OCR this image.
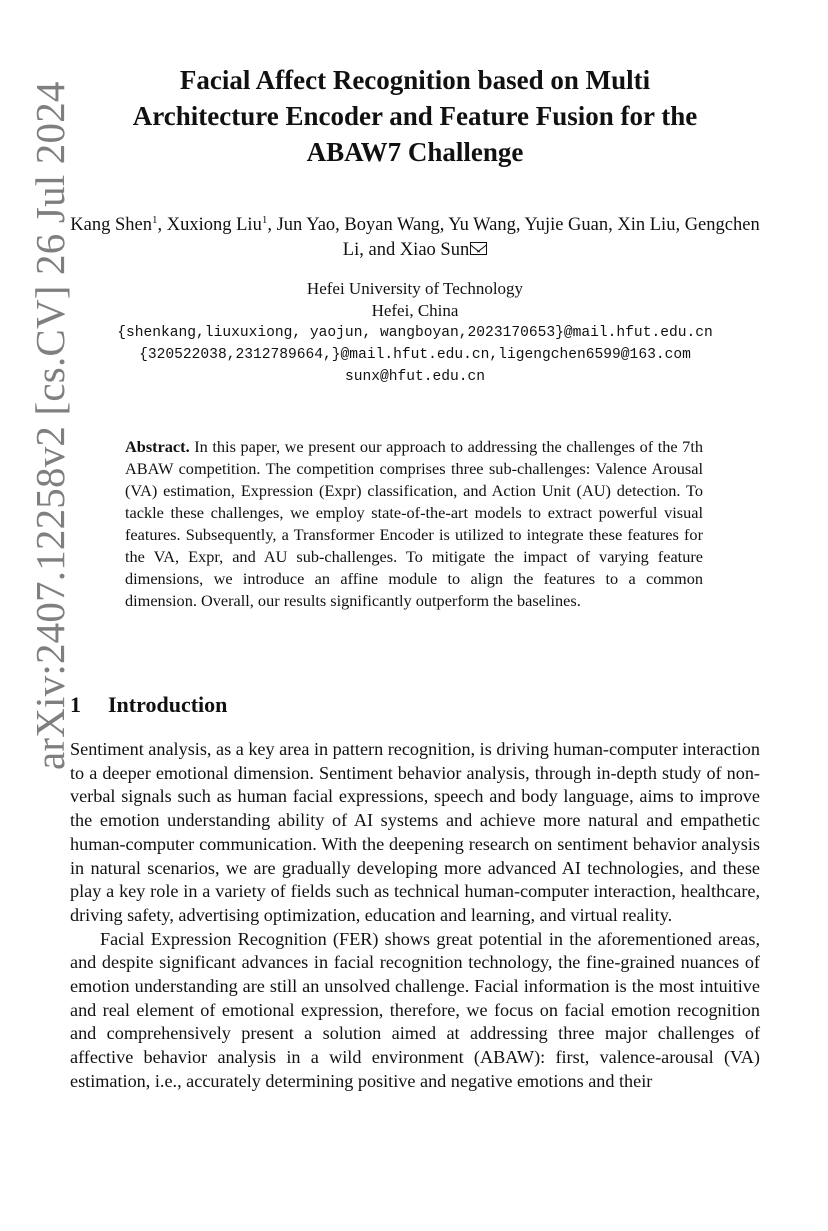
arXiv:2407.12258v2 [cs.CV] 26 Jul 2024
Facial Affect Recognition based on Multi
Architecture Encoder and Feature Fusion for the
ABAW7 Challenge
Kang Shen$^1$, Xuxiong Liu$^1$, Jun Yao, Boyan Wang, Yu Wang, Yujie Guan, Xin Liu, Gengchen Li, and Xiao Sun
Hefei University of Technology
Hefei, China
{shenkang,liuxuxiong, yaojun, wangboyan,2023170653}@mail.hfut.edu.cn
{320522038,2312789664,}@mail.hfut.edu.cn,ligengchen6599@163.com
sunx@hfut.edu.cn
Abstract. In this paper, we present our approach to addressing the challenges of the 7th ABAW competition. The competition comprises three sub-challenges: Valence Arousal (VA) estimation, Expression (Expr) classification, and Action Unit (AU) detection. To tackle these challenges, we employ state-of-the-art models to extract powerful visual features. Subsequently, a Transformer Encoder is utilized to integrate these features for the VA, Expr, and AU sub-challenges. To mitigate the impact of varying feature dimensions, we introduce an affine module to align the features to a common dimension. Overall, our results significantly outperform the baselines.
1 Introduction

Sentiment analysis, as a key area in pattern recognition, is driving human-computer interaction to a deeper emotional dimension. Sentiment behavior analysis, through in-depth study of non-verbal signals such as human facial expressions, speech and body language, aims to improve the emotion understanding ability of AI systems and achieve more natural and empathetic human-computer communication. With the deepening research on sentiment behavior analysis in natural scenarios, we are gradually developing more advanced AI technologies, and these play a key role in a variety of fields such as technical human-computer interaction, healthcare, driving safety, advertising optimization, education and learning, and virtual reality.

Facial Expression Recognition (FER) shows great potential in the aforementioned areas, and despite significant advances in facial recognition technology, the fine-grained nuances of emotion understanding are still an unsolved challenge. Facial information is the most intuitive and real element of emotional expression, therefore, we focus on facial emotion recognition and comprehensively present a solution aimed at addressing three major challenges of affective behavior analysis in a wild environment (ABAW): first, valence-arousal (VA) estimation, i.e., accurately determining positive and negative emotions and their
